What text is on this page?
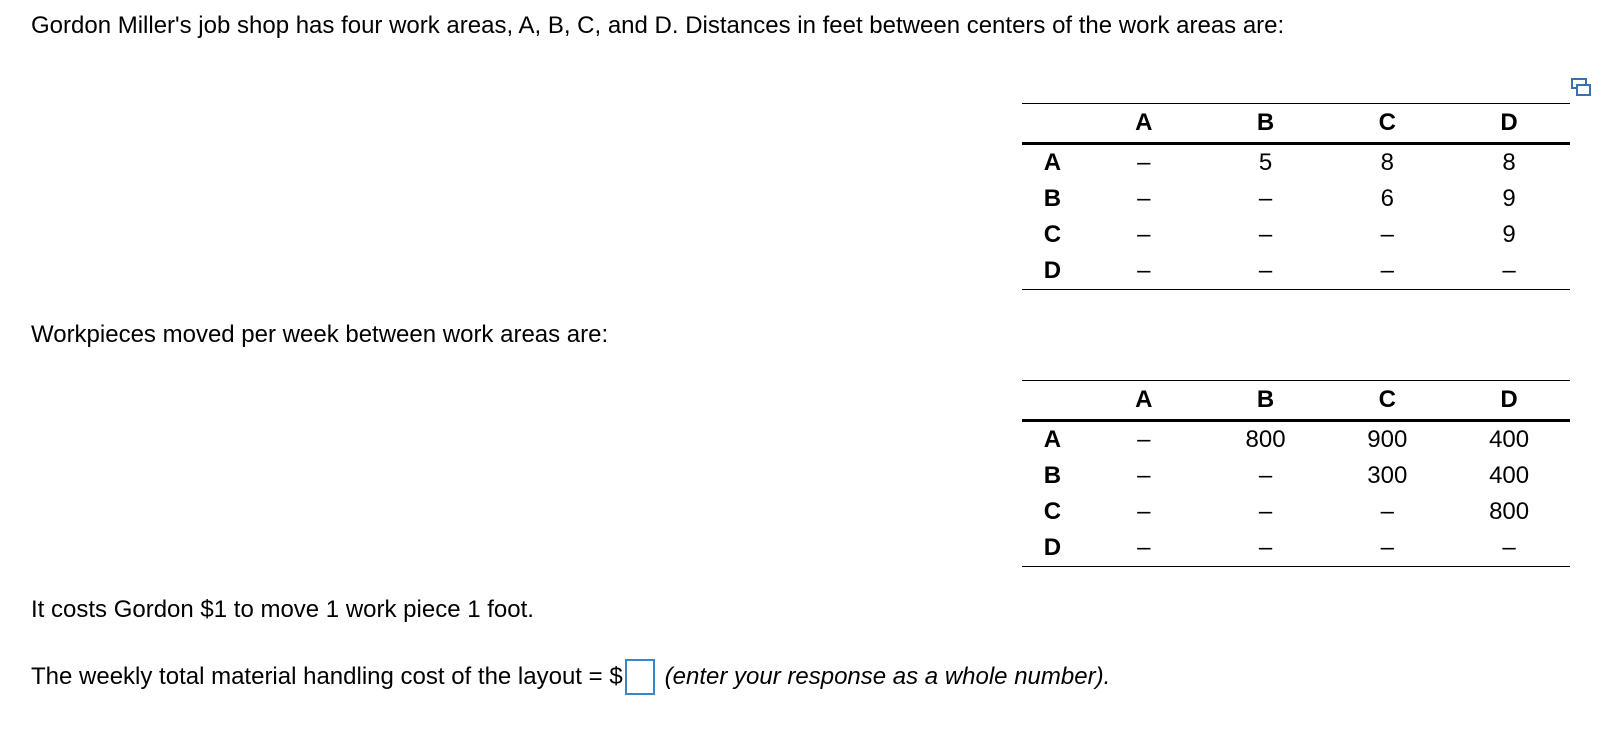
Gordon Miller's job shop has four work areas, A, B, C, and D. Distances in feet between centers of the work areas are:
	A	B	C	D
A	–	5	8	8
B	–	–	6	9
C	–	–	–	9
D	–	–	–	–
Workpieces moved per week between work areas are:
	A	B	C	D
A	–	800	900	400
B	–	–	300	400
C	–	–	–	800
D	–	–	–	–
It costs Gordon $1 to move 1 work piece 1 foot.
The weekly total material handling cost of the layout = $ (enter your response as a whole number).
